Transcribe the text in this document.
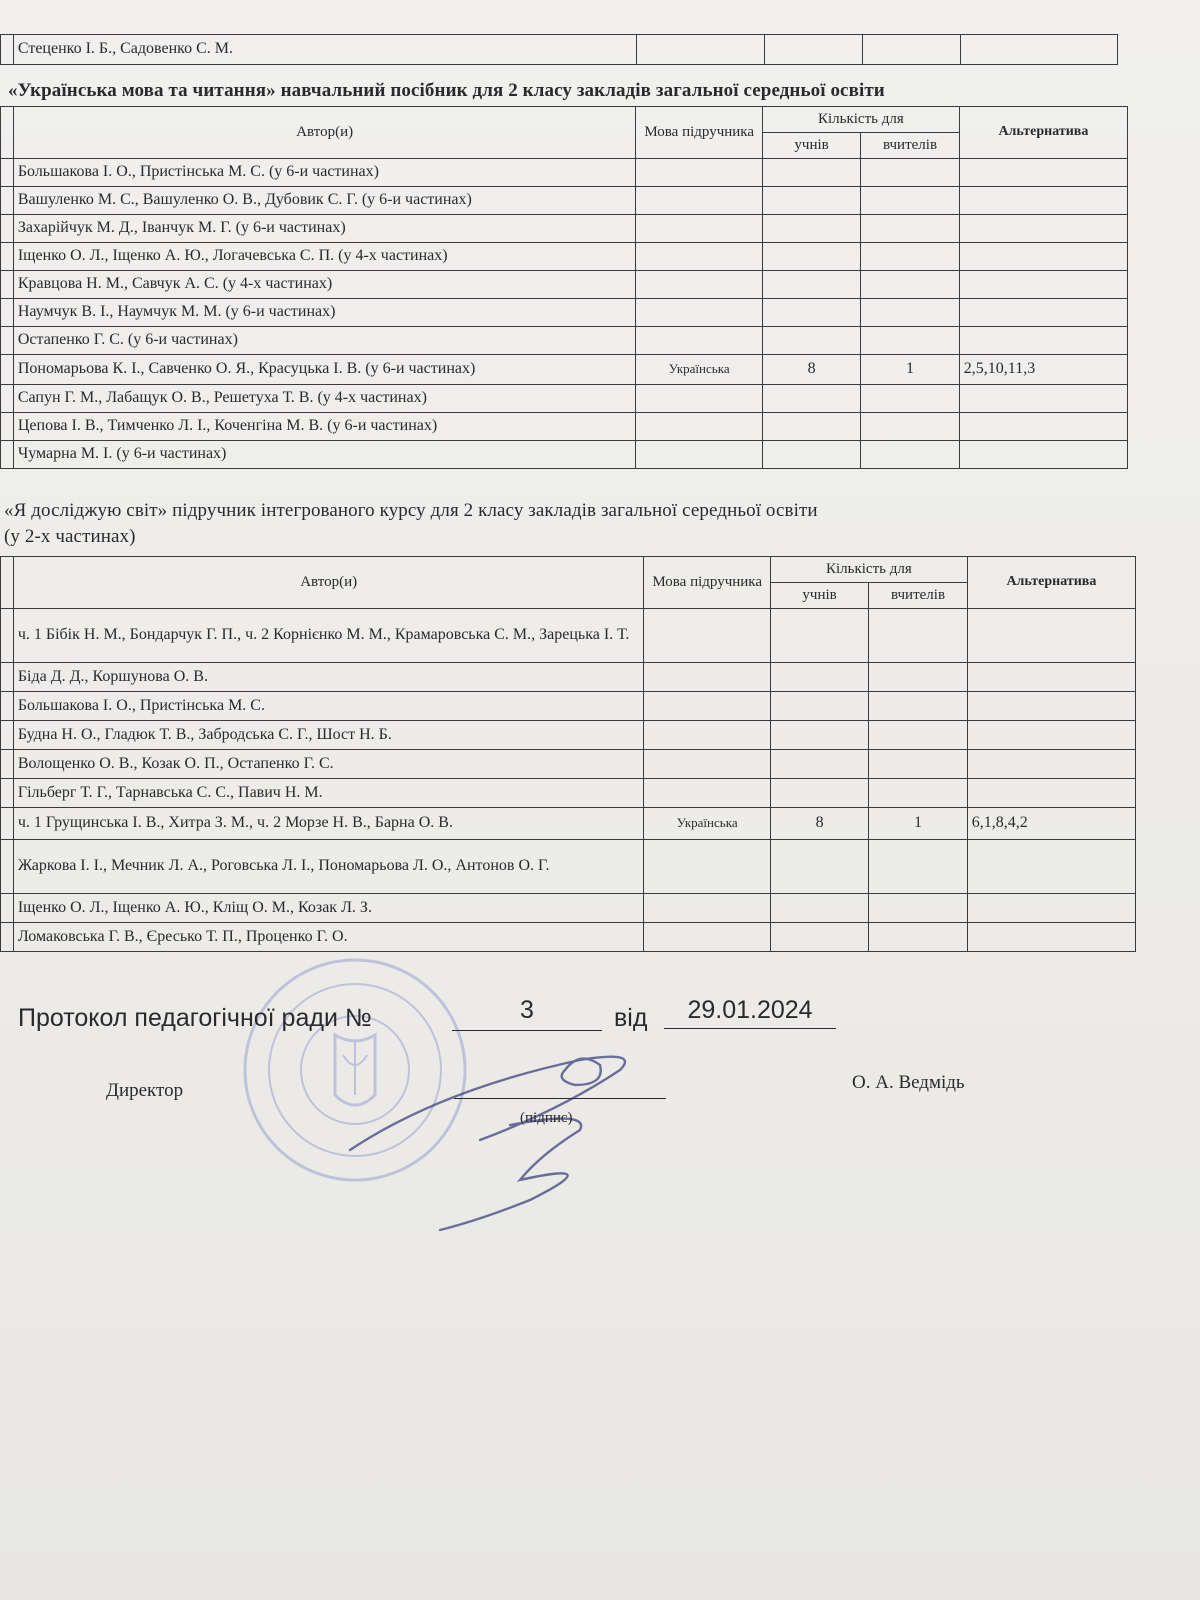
	Стеценко І. Б., Садовенко С. М.				
«Українська мова та читання» навчальний посібник для 2 класу закладів загальної середньої освіти
	Автор(и)	Мова підручника	Кількість для		Альтернатива
			учнів	вчителів	
	Большакова І. О., Пристінська М. С. (у 6-и частинах)				
	Вашуленко М. С., Вашуленко О. В., Дубовик С. Г. (у 6-и частинах)				
	Захарійчук М. Д., Іванчук М. Г. (у 6-и частинах)				
	Іщенко О. Л., Іщенко А. Ю., Логачевська С. П. (у 4-х частинах)				
	Кравцова Н. М., Савчук А. С. (у 4-х частинах)				
	Наумчук В. І., Наумчук М. М. (у 6-и частинах)				
	Остапенко Г. С. (у 6-и частинах)				
	Пономарьова К. І., Савченко О. Я., Красуцька І. В. (у 6-и частинах)	Українська	8	1	2,5,10,11,3
	Сапун Г. М., Лабащук О. В., Решетуха Т. В. (у 4-х частинах)				
	Цепова І. В., Тимченко Л. І., Коченгіна М. В. (у 6-и частинах)				
	Чумарна М. І. (у 6-и частинах)				
«Я досліджую світ» підручник інтегрованого курсу для 2 класу закладів загальної середньої освіти
(у 2-х частинах)
	Автор(и)	Мова підручника	Кількість для		Альтернатива
			учнів	вчителів	
	ч. 1 Бібік Н. М., Бондарчук Г. П., ч. 2 Корнієнко М. М., Крамаровська С. М., Зарецька І. Т.				
	Біда Д. Д., Коршунова О. В.				
	Большакова І. О., Пристінська М. С.				
	Будна Н. О., Гладюк Т. В., Забродська С. Г., Шост Н. Б.				
	Волощенко О. В., Козак О. П., Остапенко Г. С.				
	Гільберг Т. Г., Тарнавська С. С., Павич Н. М.				
	ч. 1 Грущинська І. В., Хитра З. М., ч. 2 Морзе Н. В., Барна О. В.	Українська	8	1	6,1,8,4,2
	Жаркова І. І., Мечник Л. А., Роговська Л. І., Пономарьова Л. О., Антонов О. Г.				
	Іщенко О. Л., Іщенко А. Ю., Кліщ О. М., Козак Л. З.				
	Ломаковська Г. В., Єресько Т. П., Проценко Г. О.				
Протокол педагогічної ради №	3	від	29.01.2024
Директор
(підпис)
О. А. Ведмідь
